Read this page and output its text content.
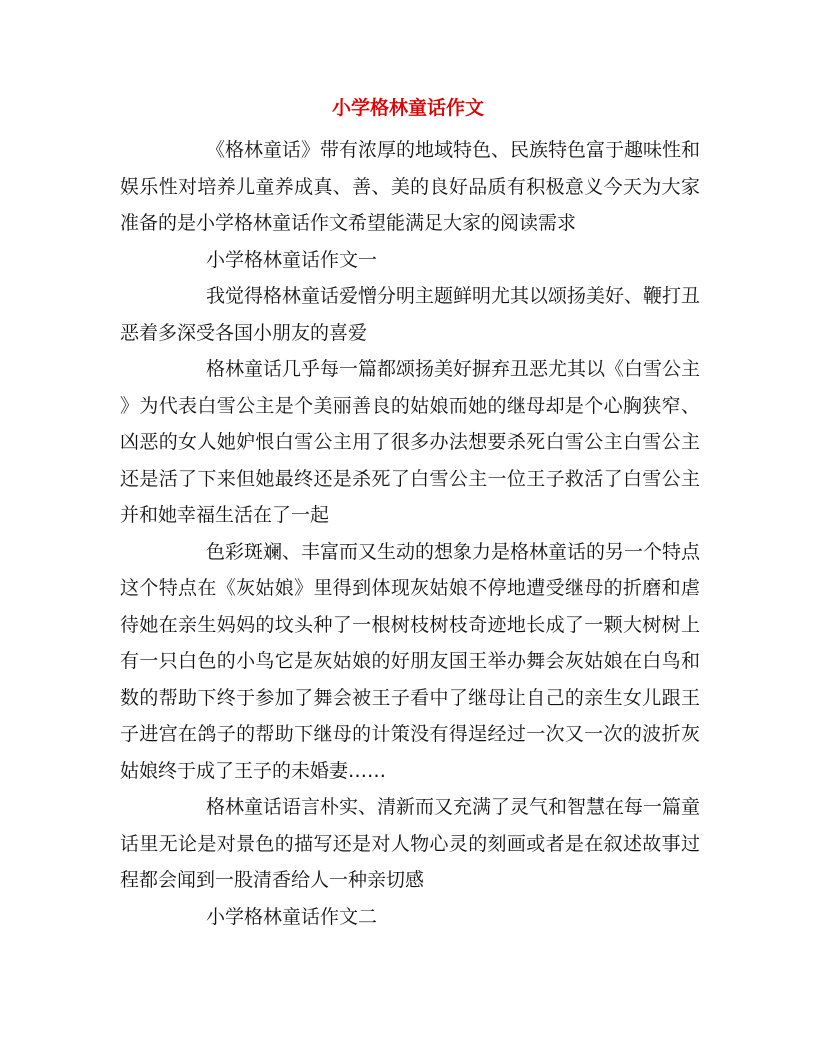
小学格林童话作文

《格林童话》带有浓厚的地域特色、民族特色富于趣味性和娱乐性对培养儿童养成真、善、美的良好品质有积极意义今天为大家准备的是小学格林童话作文希望能满足大家的阅读需求

小学格林童话作文一

我觉得格林童话爱憎分明主题鲜明尤其以颂扬美好、鞭打丑恶着多深受各国小朋友的喜爱

格林童话几乎每一篇都颂扬美好摒弃丑恶尤其以《白雪公主》为代表白雪公主是个美丽善良的姑娘而她的继母却是个心胸狭窄、凶恶的女人她妒恨白雪公主用了很多办法想要杀死白雪公主白雪公主还是活了下来但她最终还是杀死了白雪公主一位王子救活了白雪公主并和她幸福生活在了一起

色彩斑斓、丰富而又生动的想象力是格林童话的另一个特点这个特点在《灰姑娘》里得到体现灰姑娘不停地遭受继母的折磨和虐待她在亲生妈妈的坟头种了一根树枝树枝奇迹地长成了一颗大树树上有一只白色的小鸟它是灰姑娘的好朋友国王举办舞会灰姑娘在白鸟和数的帮助下终于参加了舞会被王子看中了继母让自己的亲生女儿跟王子进宫在鸽子的帮助下继母的计策没有得逞经过一次又一次的波折灰姑娘终于成了王子的未婚妻……

格林童话语言朴实、清新而又充满了灵气和智慧在每一篇童话里无论是对景色的描写还是对人物心灵的刻画或者是在叙述故事过程都会闻到一股清香给人一种亲切感

小学格林童话作文二
